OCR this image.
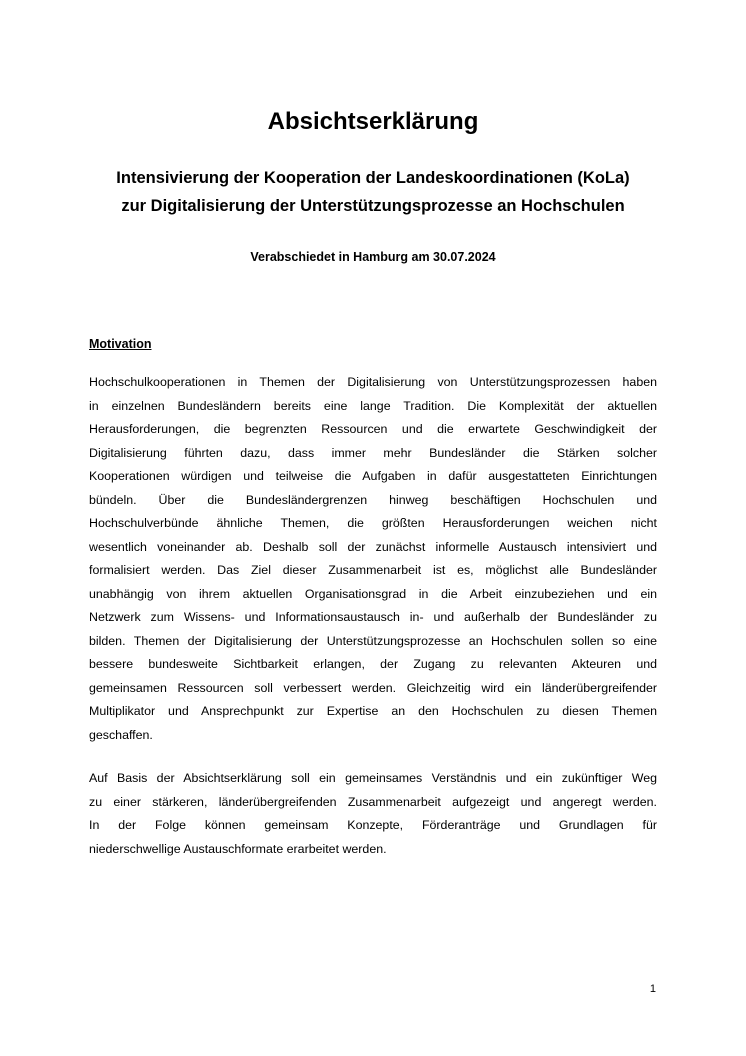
Absichtserklärung
Intensivierung der Kooperation der Landeskoordinationen (KoLa)
zur Digitalisierung der Unterstützungsprozesse an Hochschulen

Verabschiedet in Hamburg am 30.07.2024

Motivation

Hochschulkooperationen in Themen der Digitalisierung von Unterstützungsprozessen haben
in einzelnen Bundesländern bereits eine lange Tradition. Die Komplexität der aktuellen
Herausforderungen, die begrenzten Ressourcen und die erwartete Geschwindigkeit der
Digitalisierung führten dazu, dass immer mehr Bundesländer die Stärken solcher
Kooperationen würdigen und teilweise die Aufgaben in dafür ausgestatteten Einrichtungen
bündeln. Über die Bundesländergrenzen hinweg beschäftigen Hochschulen und
Hochschulverbünde ähnliche Themen, die größten Herausforderungen weichen nicht
wesentlich voneinander ab. Deshalb soll der zunächst informelle Austausch intensiviert und
formalisiert werden. Das Ziel dieser Zusammenarbeit ist es, möglichst alle Bundesländer
unabhängig von ihrem aktuellen Organisationsgrad in die Arbeit einzubeziehen und ein
Netzwerk zum Wissens- und Informationsaustausch in- und außerhalb der Bundesländer zu
bilden. Themen der Digitalisierung der Unterstützungsprozesse an Hochschulen sollen so eine
bessere bundesweite Sichtbarkeit erlangen, der Zugang zu relevanten Akteuren und
gemeinsamen Ressourcen soll verbessert werden. Gleichzeitig wird ein länderübergreifender
Multiplikator und Ansprechpunkt zur Expertise an den Hochschulen zu diesen Themen
geschaffen.
Auf Basis der Absichtserklärung soll ein gemeinsames Verständnis und ein zukünftiger Weg
zu einer stärkeren, länderübergreifenden Zusammenarbeit aufgezeigt und angeregt werden.
In der Folge können gemeinsam Konzepte, Förderanträge und Grundlagen für
niederschwellige Austauschformate erarbeitet werden.

1
